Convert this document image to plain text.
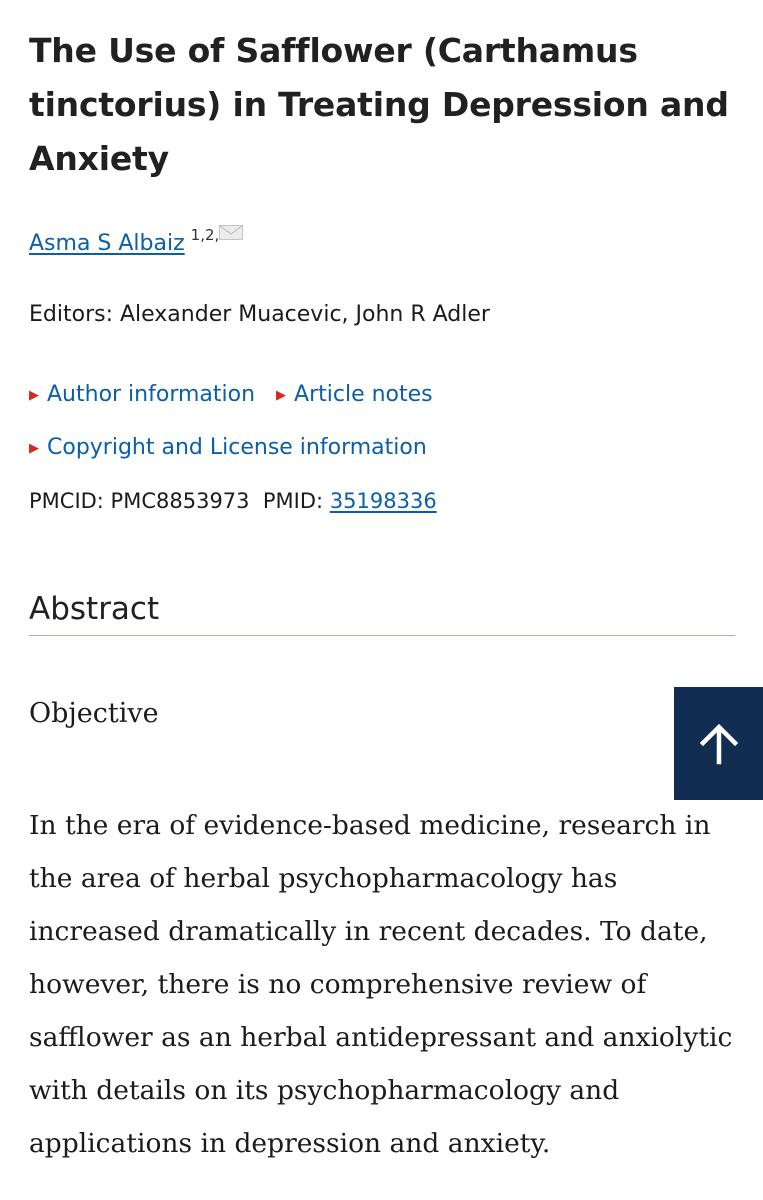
The Use of Safflower (Carthamus tinctorius) in Treating Depression and Anxiety
Asma S Albaiz $^{1,2,}$
Editors: Alexander Muacevic, John R Adler
▶ Author information ▶ Article notes
▶ Copyright and License information
PMCID: PMC8853973 PMID: 35198336
Abstract
Objective

In the era of evidence-based medicine, research in the area of herbal psychopharmacology has increased dramatically in recent decades. To date, however, there is no comprehensive review of safflower as an herbal antidepressant and anxiolytic with details on its psychopharmacology and applications in depression and anxiety.
